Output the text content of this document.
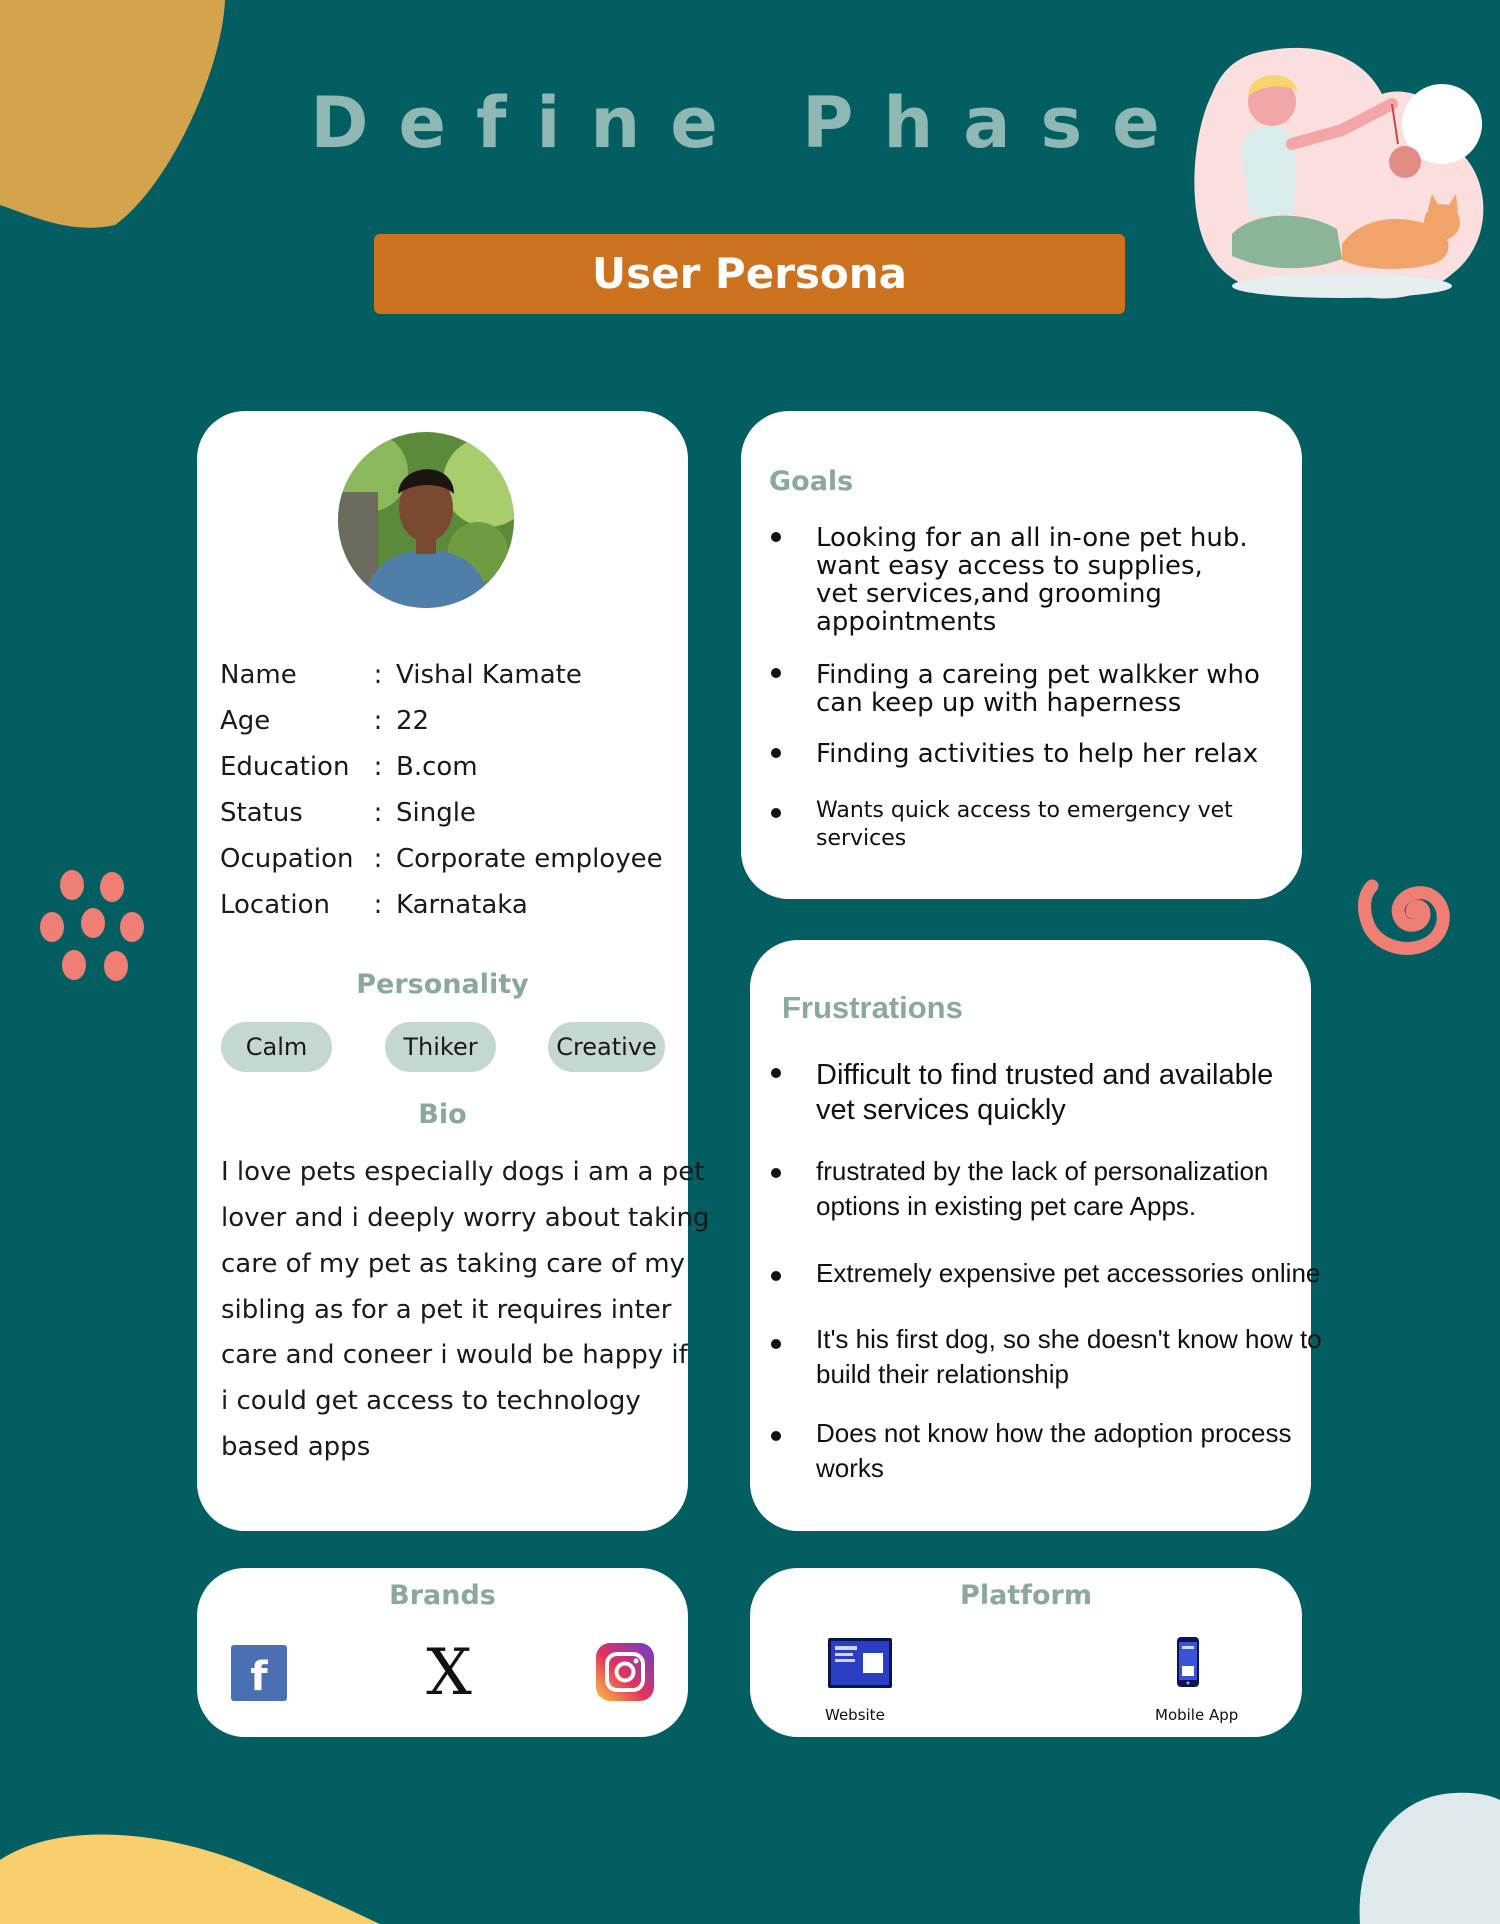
Define Phase
User Persona
Name	: Vishal Kamate
Age	: 22
Education : B.com
Status	: Single
Ocupation : Corporate employee
Location	: Karnataka
Personality
Calm	Thiker	Creative
Bio
I love pets especially dogs i am a pet
lover and i deeply worry about taking
care of my pet as taking care of my
sibling as for a pet it requires inter
care and coneer i would be happy if
i could get access to technology
based apps
Goals
Looking for an all in-one pet hub.
want easy access to supplies,
vet services,and grooming
appointments
Finding a careing pet walkker who
can keep up with haperness
Finding activities to help her relax
Wants quick access to emergency vet
services
Frustrations
Difficult to find trusted and available
vet services quickly
frustrated by the lack of personalization
options in existing pet care Apps.
Extremely expensive pet accessories online
It's his first dog, so she doesn't know how to
build their relationship
Does not know how the adoption process
works
Brands
f	X
Platform
Website	Mobile App
